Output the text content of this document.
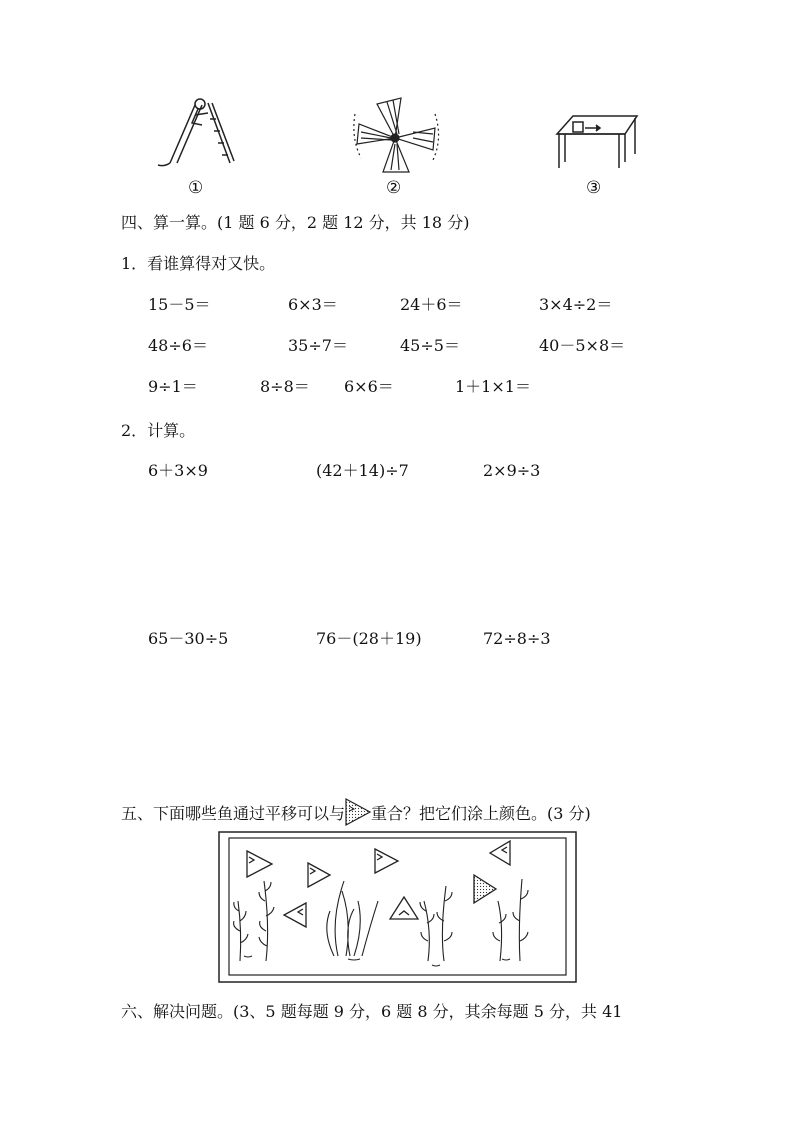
①	②	③
四、算一算。(1 题 6 分，2 题 12 分，共 18 分)
1．看谁算得对又快。
15－5＝	6×3＝	24＋6＝	3×4÷2＝
48÷6＝	35÷7＝	45÷5＝	40－5×8＝
9÷1＝	8÷8＝ 6×6＝	1＋1×1＝
2．计算。
6＋3×9	(42＋14)÷7	2×9÷3
65－30÷5	76－(28＋19)	72÷8÷3
五、下面哪些鱼通过平移可以与 重合？把它们涂上颜色。(3 分)
六、解决问题。(3、5 题每题 9 分，6 题 8 分，其余每题 5 分，共 41
